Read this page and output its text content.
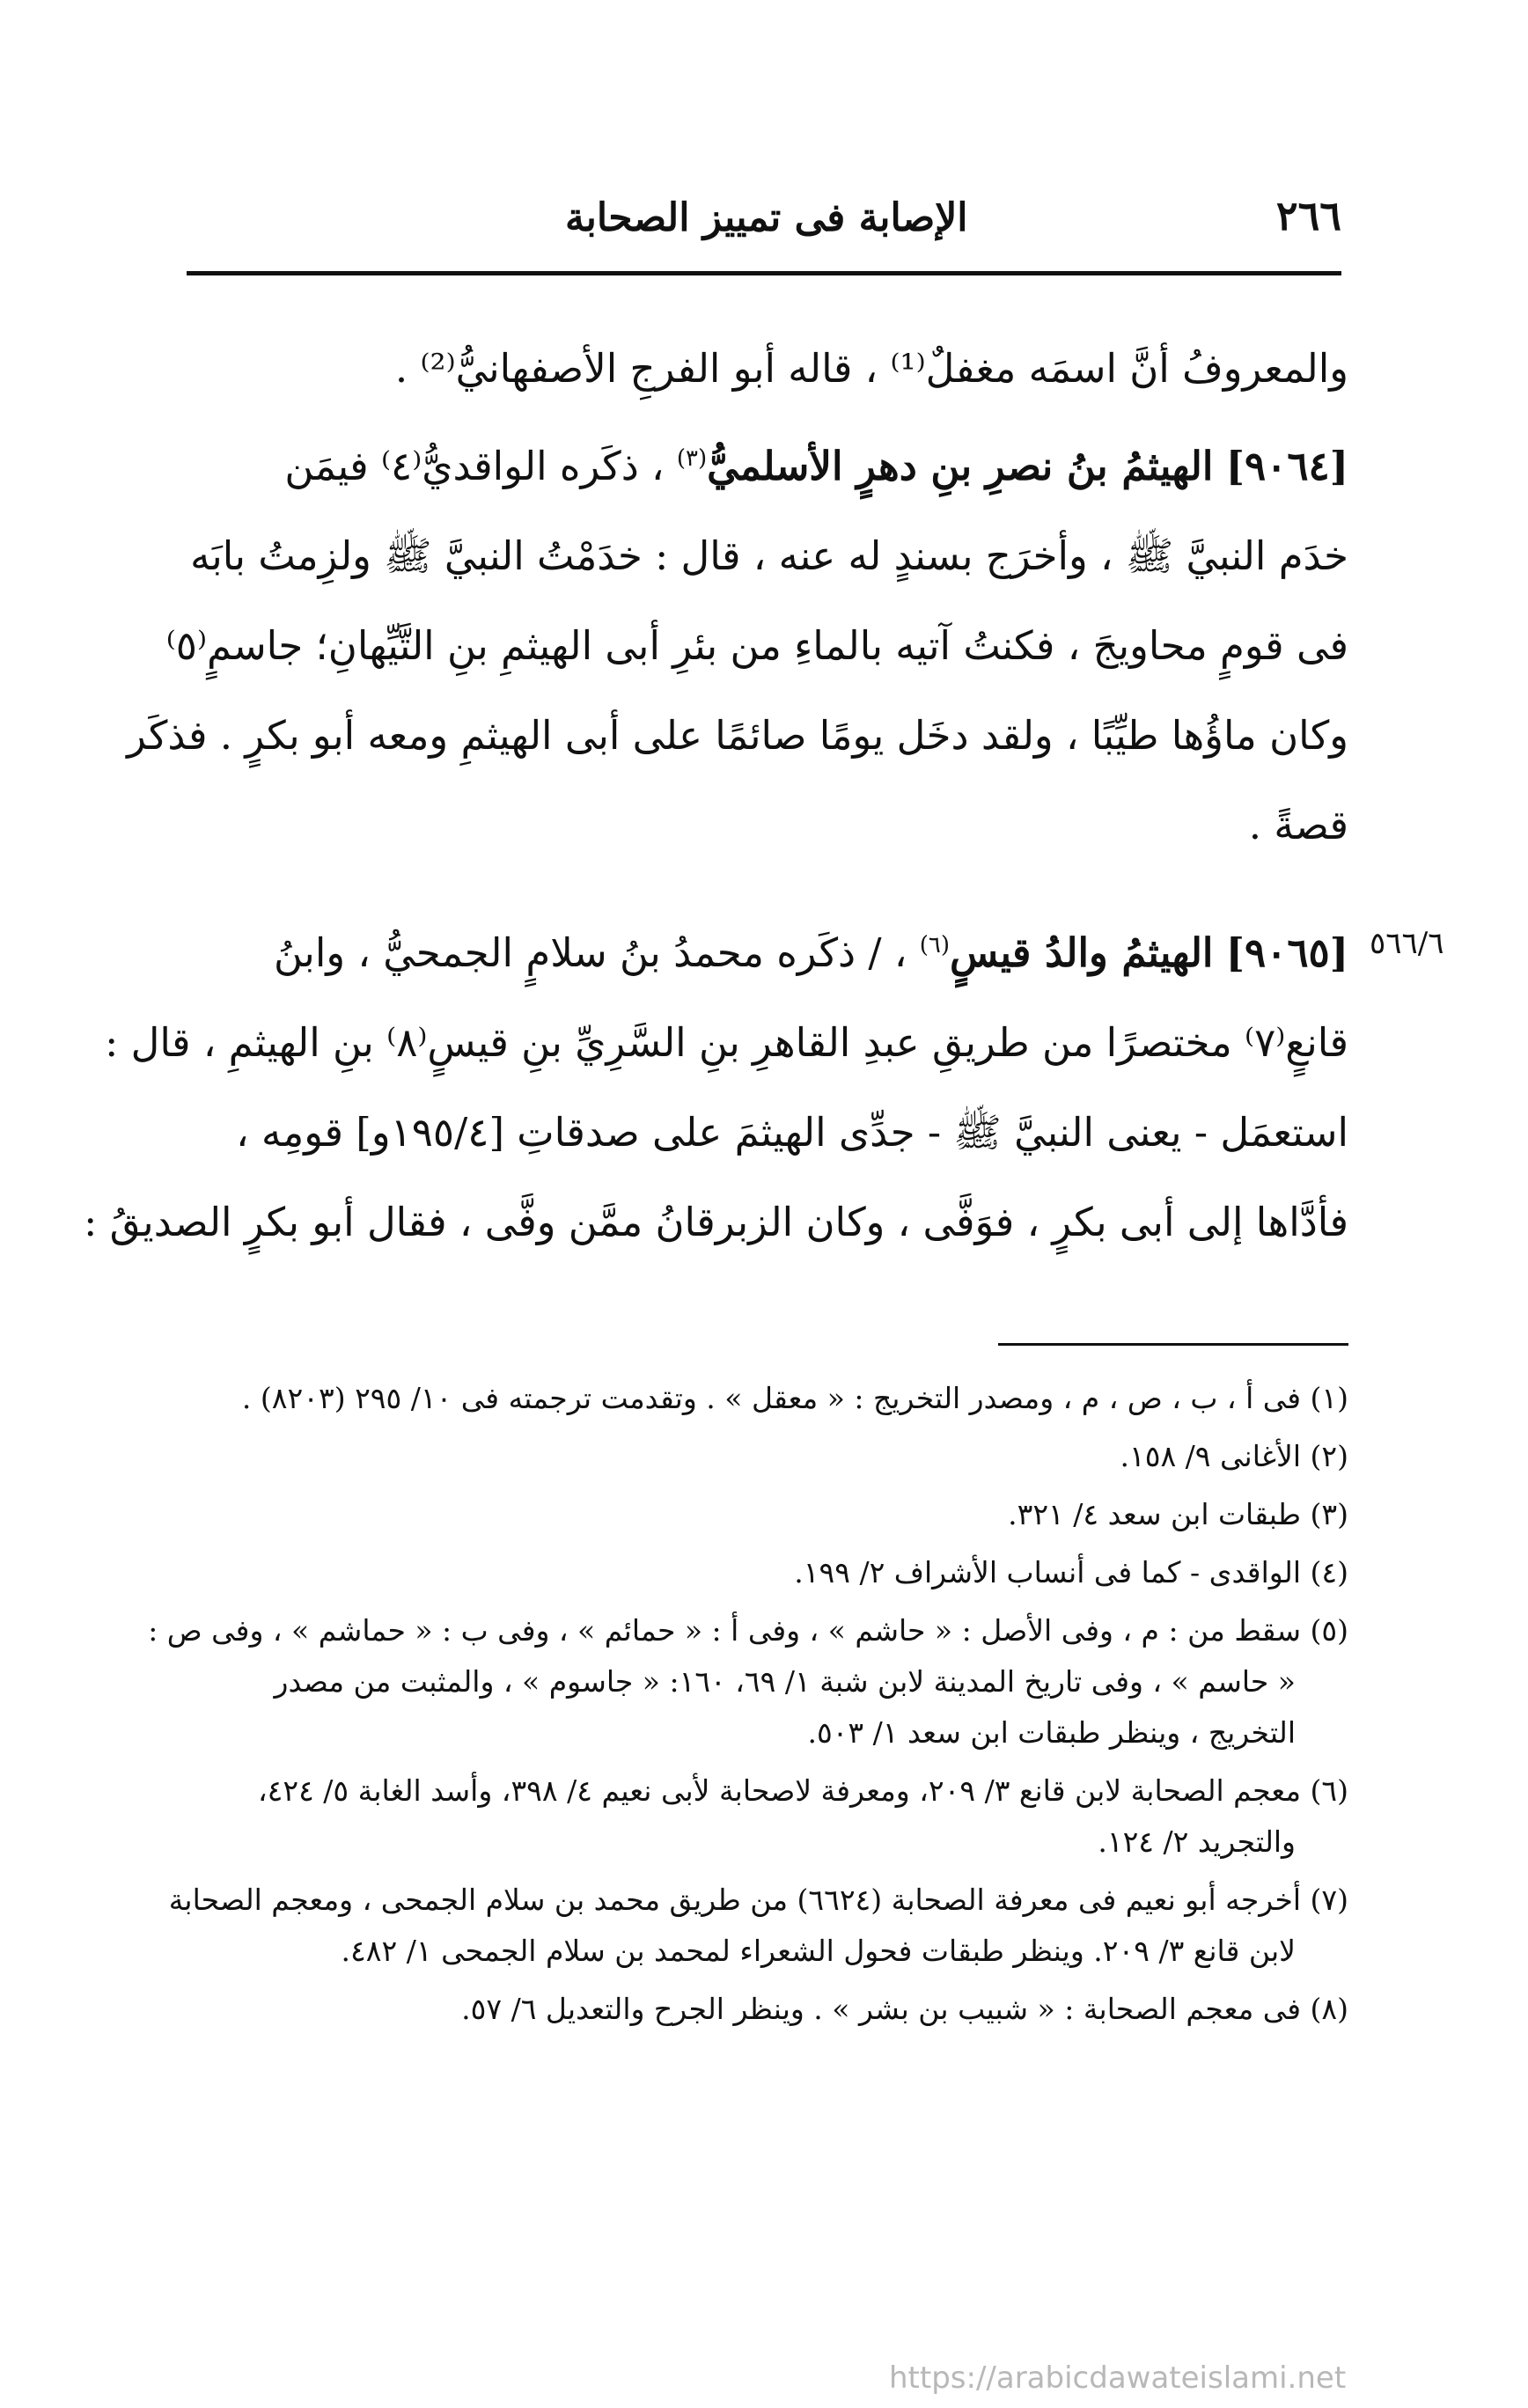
٢٦٦
الإصابة فى تمييز الصحابة
والمعروفُ أنَّ اسمَه مغفلٌ⁽¹⁾ ، قاله أبو الفرجِ الأصفهانيُّ⁽²⁾ .
[٩٠٦٤] الهيثمُ بنُ نصرِ بنِ دهرٍ الأسلميُّ$^{(٣)}$ ، ذكَره الواقديُّ⁽٤⁾ فيمَن
خدَم النبيَّ ﷺ ، وأخرَج بسندٍ له عنه ، قال : خدَمْتُ النبيَّ ﷺ ولزِمتُ بابَه
فى قومٍ محاويجَ ، فكنتُ آتيه بالماءِ من بئرِ أبى الهيثمِ بنِ التَّيِّهانِ؛ جاسمٍ⁽٥⁾
وكان ماؤُها طيِّبًا ، ولقد دخَل يومًا صائمًا على أبى الهيثمِ ومعه أبو بكرٍ . فذكَر
قصةً .
[٩٠٦٥] الهيثمُ والدُ قيسٍ$^{(٦)}$ ، / ذكَره محمدُ بنُ سلامٍ الجمحيُّ ، وابنُ
قانعٍ⁽٧⁾ مختصرًا من طريقِ عبدِ القاهرِ بنِ السَّرِيِّ بنِ قيسٍ⁽٨⁾ بنِ الهيثمِ ، قال :
استعمَل - يعنى النبيَّ ﷺ - جدِّى الهيثمَ على صدقاتِ [١٩٥/٤و] قومِه ،
فأدَّاها إلى أبى بكرٍ ، فوَفَّى ، وكان الزبرقانُ ممَّن وفَّى ، فقال أبو بكرٍ الصديقُ :
٥٦٦/٦
(١) فى أ ، ب ، ص ، م ، ومصدر التخريج : « معقل » . وتقدمت ترجمته فى ١٠/ ٢٩٥ (٨٢٠٣) .
(٢) الأغانى ٩/ ١٥٨.
(٣) طبقات ابن سعد ٤/ ٣٢١.
(٤) الواقدى - كما فى أنساب الأشراف ٢/ ١٩٩.
(٥) سقط من : م ، وفى الأصل : « حاشم » ، وفى أ : « حمائم » ، وفى ب : « حماشم » ، وفى ص :
« حاسم » ، وفى تاريخ المدينة لابن شبة ١/ ٦٩، ١٦٠: « جاسوم » ، والمثبت من مصدر
التخريج ، وينظر طبقات ابن سعد ١/ ٥٠٣.
(٦) معجم الصحابة لابن قانع ٣/ ٢٠٩، ومعرفة لاصحابة لأبى نعيم ٤/ ٣٩٨، وأسد الغابة ٥/ ٤٢٤،
والتجريد ٢/ ١٢٤.
(٧) أخرجه أبو نعيم فى معرفة الصحابة (٦٦٢٤) من طريق محمد بن سلام الجمحى ، ومعجم الصحابة
لابن قانع ٣/ ٢٠٩. وينظر طبقات فحول الشعراء لمحمد بن سلام الجمحى ١/ ٤٨٢.
(٨) فى معجم الصحابة : « شبيب بن بشر » . وينظر الجرح والتعديل ٦/ ٥٧.
https://arabicdawateislami.net
